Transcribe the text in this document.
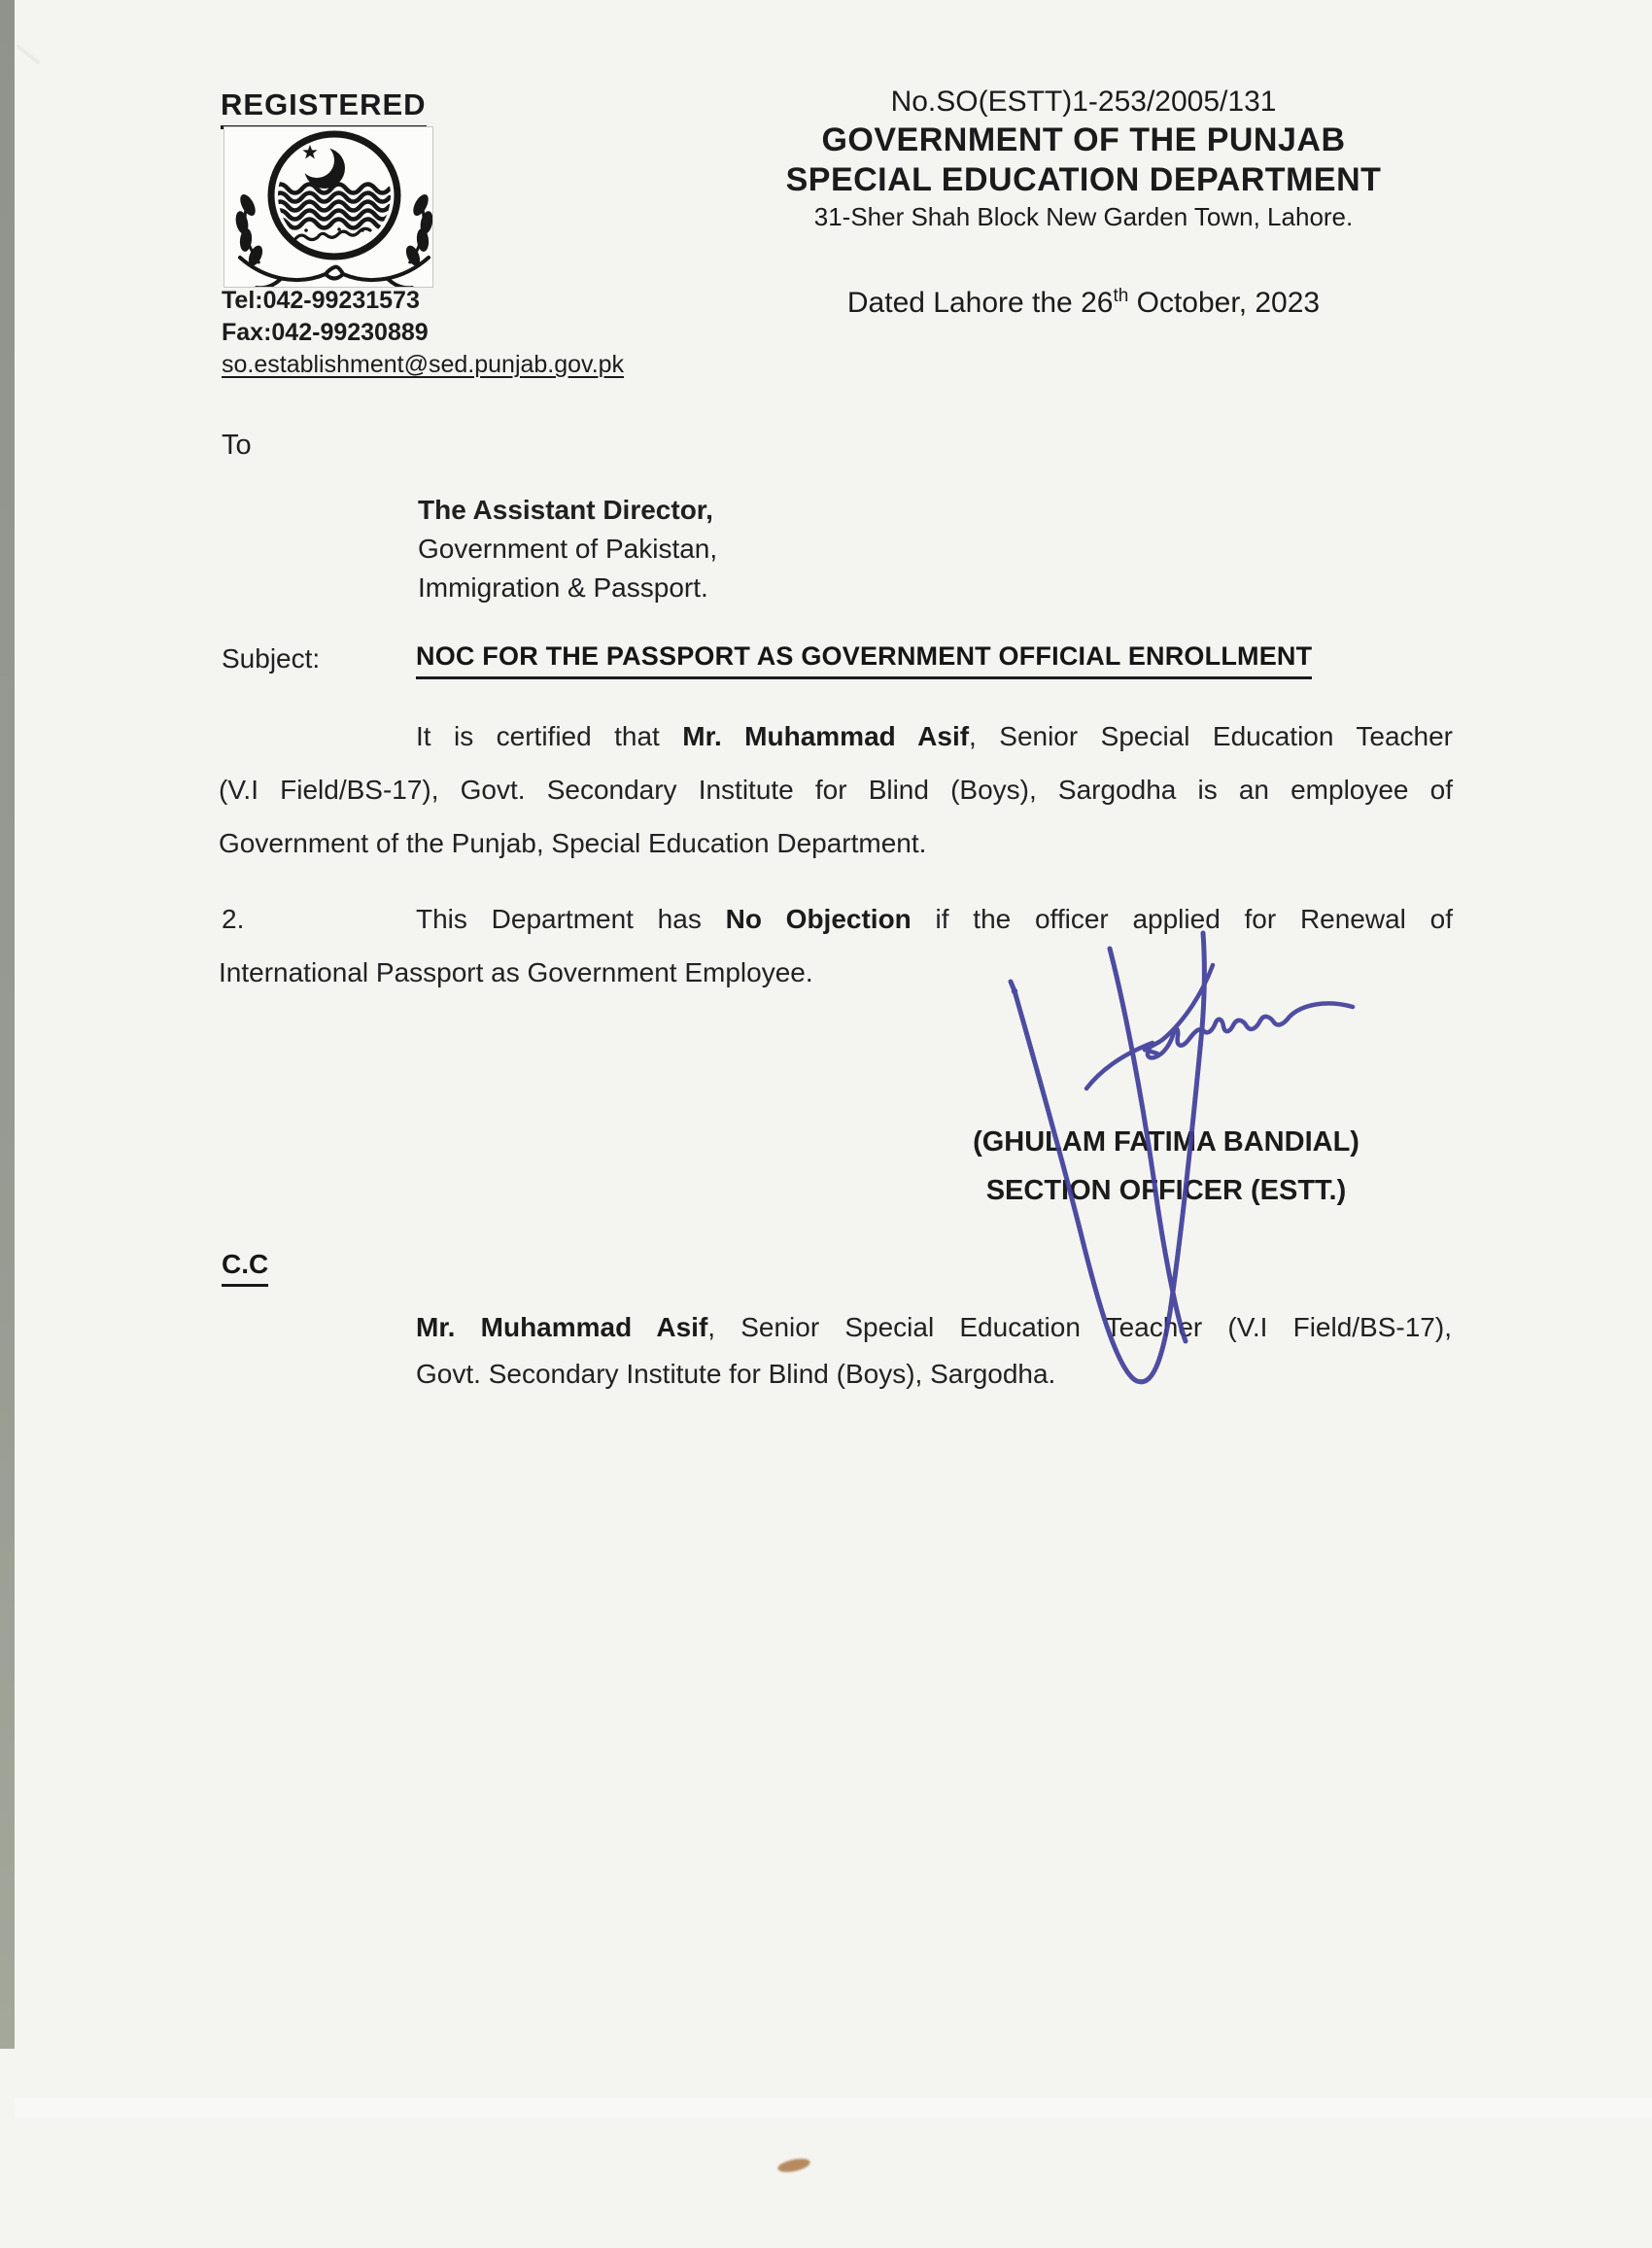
REGISTERED
Tel:042-99231573
Fax:042-99230889
so.establishment@sed.punjab.gov.pk
No.SO(ESTT)1-253/2005/131
GOVERNMENT OF THE PUNJAB
SPECIAL EDUCATION DEPARTMENT
31-Sher Shah Block New Garden Town, Lahore.
Dated Lahore the 26th October, 2023
To
The Assistant Director,
Government of Pakistan,
Immigration & Passport.
Subject:	NOC FOR THE PASSPORT AS GOVERNMENT OFFICIAL ENROLLMENT
It is certified that Mr. Muhammad Asif, Senior Special Education Teacher
(V.I Field/BS-17), Govt. Secondary Institute for Blind (Boys), Sargodha is an employee of
Government of the Punjab, Special Education Department.
2.	This Department has No Objection if the officer applied for Renewal of
International Passport as Government Employee.
(GHULAM FATIMA BANDIAL)
SECTION OFFICER (ESTT.)
C.C
Mr. Muhammad Asif, Senior Special Education Teacher (V.I Field/BS-17),
Govt. Secondary Institute for Blind (Boys), Sargodha.
